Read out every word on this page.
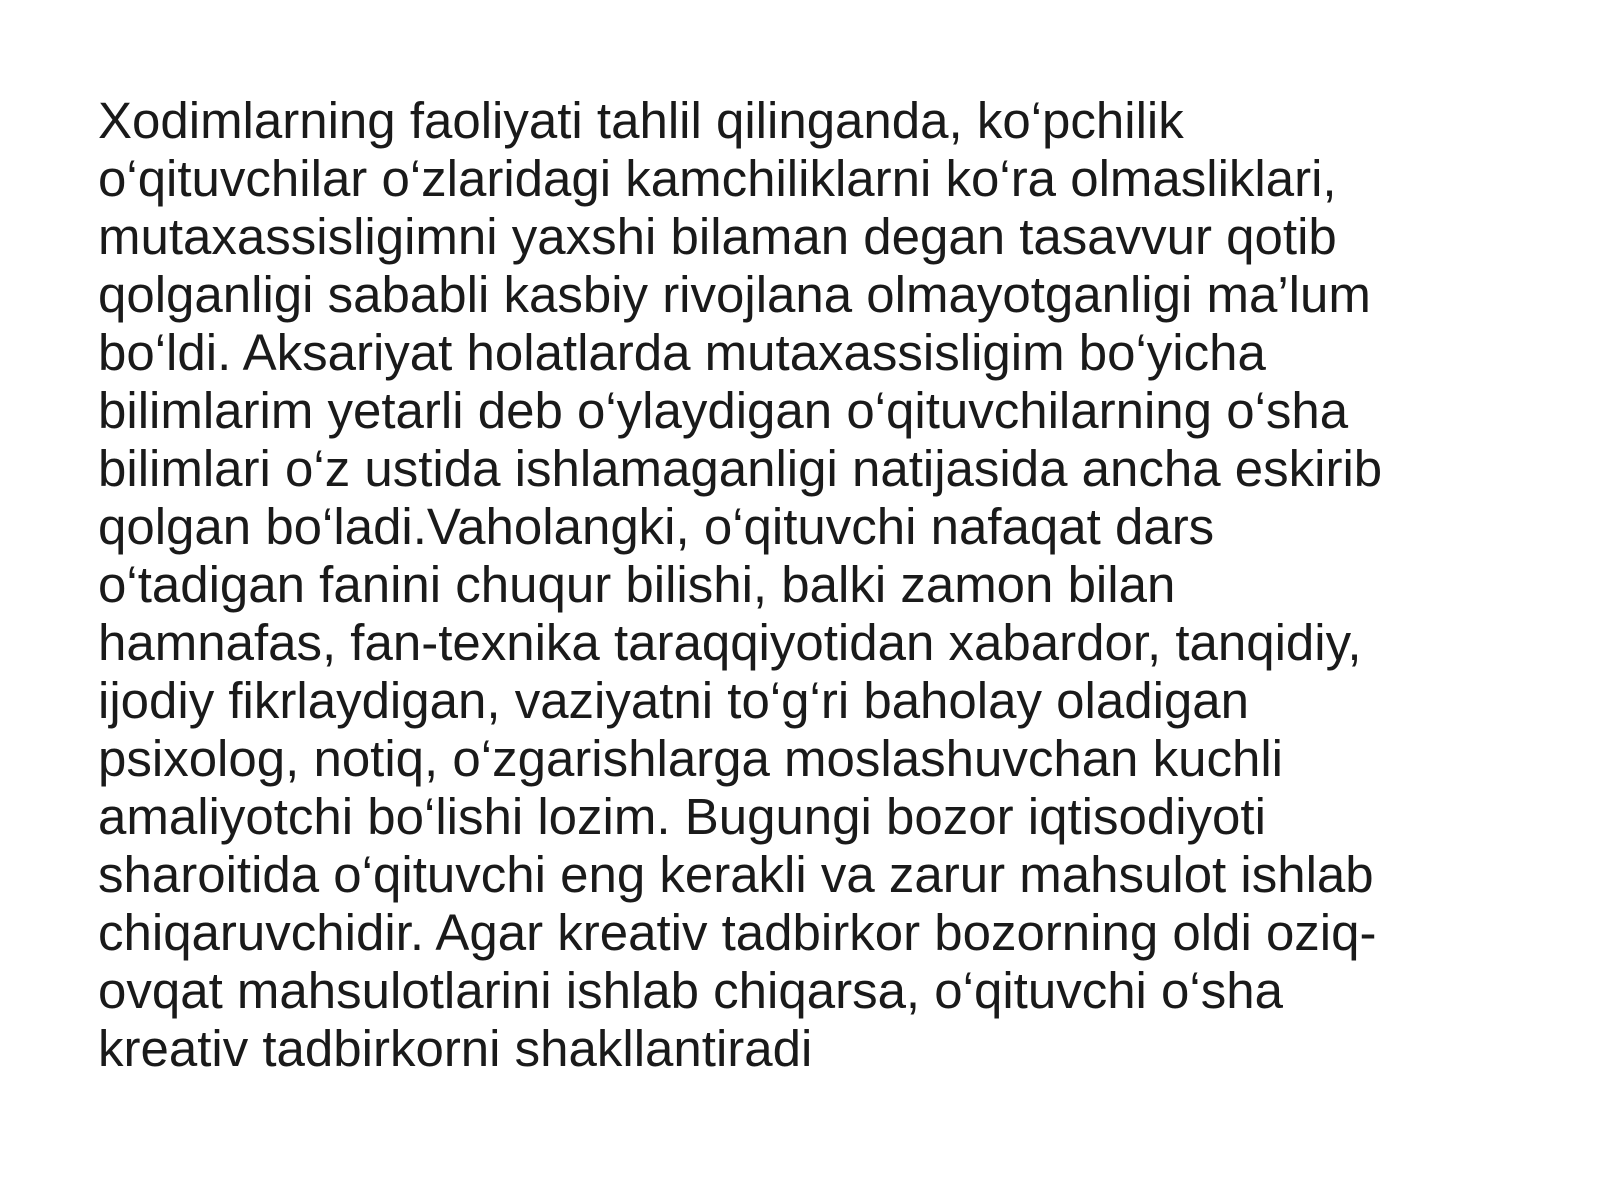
Xodimlarning faoliyati tahlil qilinganda, ko‘pchilik
o‘qituvchilar o‘zlaridagi kamchiliklarni ko‘ra olmasliklari,
mutaxassisligimni yaxshi bilaman degan tasavvur qotib
qolganligi sababli kasbiy rivojlana olmayotganligi ma’lum
bo‘ldi. Aksariyat holatlarda mutaxassisligim bo‘yicha
bilimlarim yetarli deb o‘ylaydigan o‘qituvchilarning o‘sha
bilimlari o‘z ustida ishlamaganligi natijasida ancha eskirib
qolgan bo‘ladi.Vaholangki, o‘qituvchi nafaqat dars
o‘tadigan fanini chuqur bilishi, balki zamon bilan
hamnafas, fan-texnika taraqqiyotidan xabardor, tanqidiy,
ijodiy fikrlaydigan, vaziyatni to‘g‘ri baholay oladigan
psixolog, notiq, o‘zgarishlarga moslashuvchan kuchli
amaliyotchi bo‘lishi lozim. Bugungi bozor iqtisodiyoti
sharoitida o‘qituvchi eng kerakli va zarur mahsulot ishlab
chiqaruvchidir. Agar kreativ tadbirkor bozorning oldi oziq-
ovqat mahsulotlarini ishlab chiqarsa, o‘qituvchi o‘sha
kreativ tadbirkorni shakllantiradi
